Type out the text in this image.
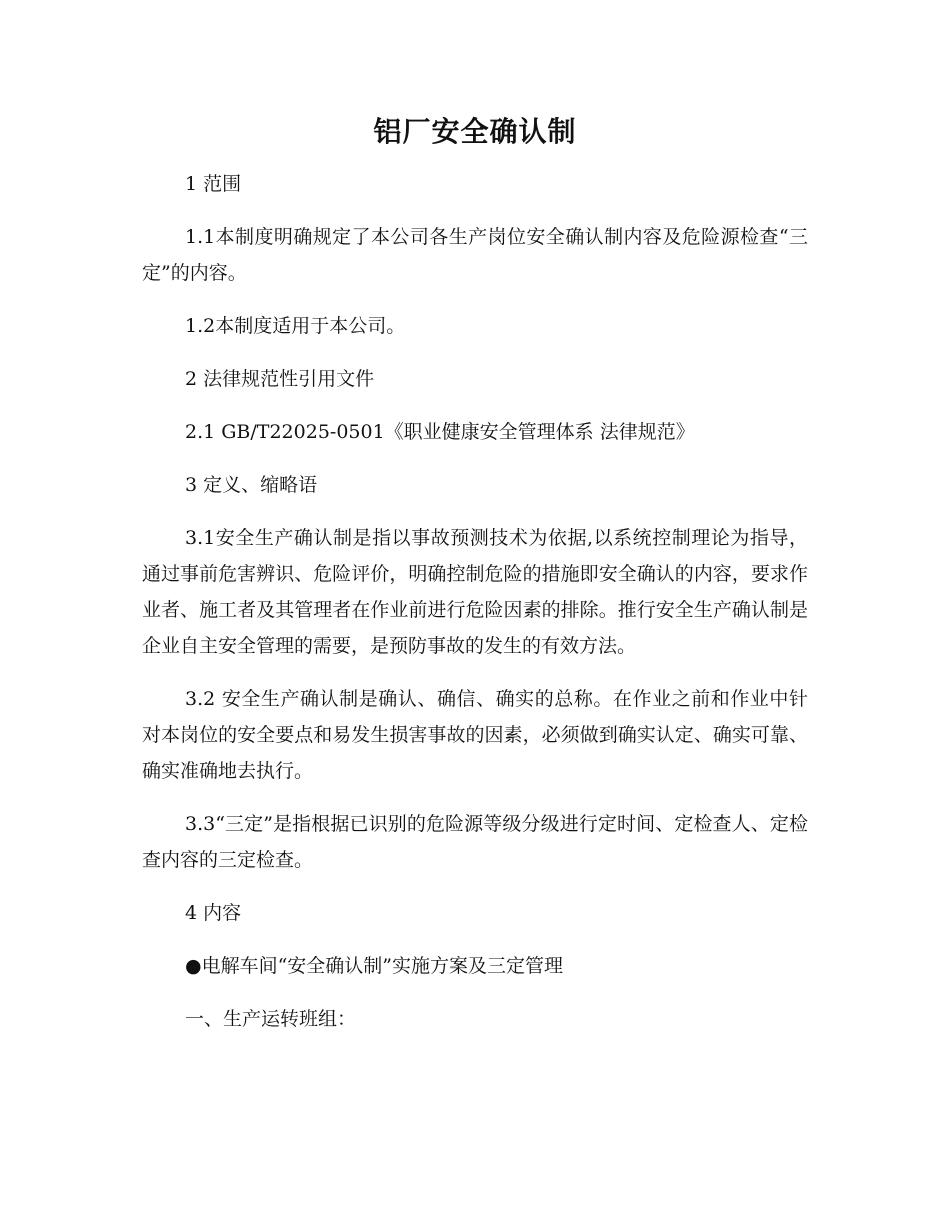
铝厂安全确认制

1 范围

1.1本制度明确规定了本公司各生产岗位安全确认制内容及危险源检查“三定”的内容。

1.2本制度适用于本公司。

2 法律规范性引用文件

2.1 GB/T22025-0501《职业健康安全管理体系 法律规范》

3 定义、缩略语

3.1安全生产确认制是指以事故预测技术为依据,以系统控制理论为指导，通过事前危害辨识、危险评价，明确控制危险的措施即安全确认的内容，要求作业者、施工者及其管理者在作业前进行危险因素的排除。推行安全生产确认制是企业自主安全管理的需要，是预防事故的发生的有效方法。

3.2 安全生产确认制是确认、确信、确实的总称。在作业之前和作业中针对本岗位的安全要点和易发生损害事故的因素，必须做到确实认定、确实可靠、确实准确地去执行。

3.3“三定”是指根据已识别的危险源等级分级进行定时间、定检查人、定检查内容的三定检查。

4 内容

●电解车间“安全确认制”实施方案及三定管理

一、生产运转班组：
